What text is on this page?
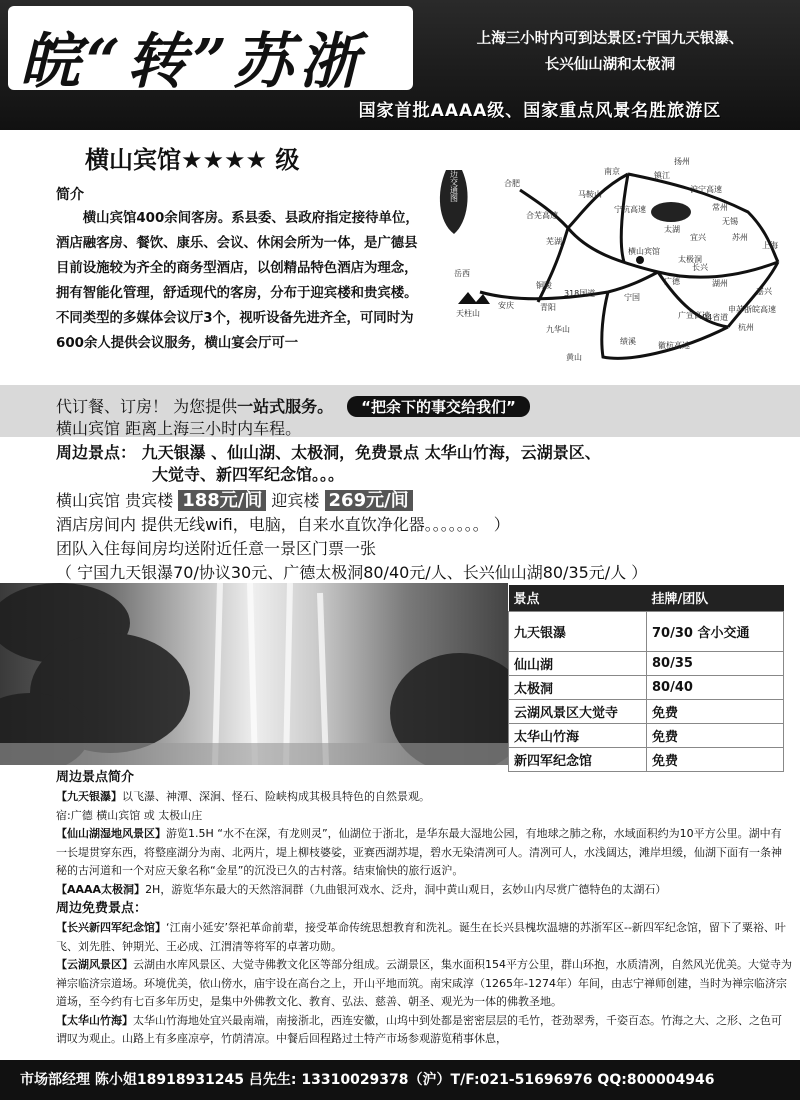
皖“转”苏浙	上海三小时内可到达景区:宁国九天银瀑、
长兴仙山湖和太极洞
国家首批AAAA级、国家重点风景名胜旅游区
横山宾馆★★★★ 级
简介
横山宾馆400余间客房。系县委、县政府指定接待单位，酒店融客房、餐饮、康乐、会议、休闲会所为一体，是广德县目前设施较为齐全的商务型酒店，以创精品特色酒店为理念，拥有智能化管理，舒适现代的客房，分布于迎宾楼和贵宾楼。不同类型的多媒体会议厅3个，视听设备先进齐全，可同时为600余人提供会议服务，横山宴会厅可一
周边交通图
扬州
南京	镇江
合肥
马鞍山
沪宁高速
宁杭高速
芜湖
合芜高速
太湖
无锡
常州
苏州
上海
宜兴
长兴
横山宾馆
宁国
广德	湖州
嘉兴
杭州
安庆
天柱山
铜陵
青阳
九华山
318国道
黄山
绩溪	徽杭高速
岳西
太极洞
广宣高速
申苏浙皖高速
04省道
代订餐、订房！ 为您提供一站式服务。 “把余下的事交给我们”
横山宾馆 距离上海三小时内车程。
周边景点： 九天银瀑 、仙山湖、太极洞，免费景点 太华山竹海，云湖景区、
大觉寺、新四军纪念馆。。。
横山宾馆 贵宾楼 188元/间 迎宾楼 269元/间
酒店房间内 提供无线wifi，电脑，自来水直饮净化器。。。。。。。 ）
团队入住每间房均送附近任意一景区门票一张
（ 宁国九天银瀑70/协议30元、广德太极洞80/40元/人、长兴仙山湖80/35元/人 ）
景点	挂牌/团队
九天银瀑	70/30 含小交通
仙山湖	80/35
太极洞	80/40
云湖风景区大觉寺	免费
太华山竹海	免费
新四军纪念馆	免费
周边景点简介
【九天银瀑】以飞瀑、神潭、深涧、怪石、险峡构成其极具特色的自然景观。
宿:广德 横山宾馆 或 太极山庄
【仙山湖湿地风景区】游览1.5H “水不在深，有龙则灵”，仙湖位于浙北，是华东最大湿地公园，有地球之肺之称，水域面积约为10平方公里。湖中有一长堤贯穿东西，将整座湖分为南、北两片，堤上柳枝婆娑，亚赛西湖苏堤，碧水无染清冽可人。清冽可人，水浅阔达，滩岸坦缓，仙湖下面有一条神秘的古河道和一个对应天象名称“金星”的沉没已久的古村落。结束愉快的旅行返沪。
【AAAA太极洞】2H，游览华东最大的天然溶洞群（九曲银河戏水、泛舟，洞中黄山观日，玄妙山内尽赏广德特色的太湖石）
周边免费景点：
【长兴新四军纪念馆】‘江南小延安’祭祀革命前辈，接受革命传统思想教育和洗礼。诞生在长兴县槐坎温塘的苏浙军区--新四军纪念馆，留下了粟裕、叶飞、刘先胜、钟期光、王必成、江渭清等将军的卓著功勋。
【云湖风景区】云湖由水库风景区、大觉寺佛教文化区等部分组成。云湖景区，集水面积154平方公里，群山环抱，水质清冽，自然风光优美。大觉寺为禅宗临济宗道场。环境优美，依山傍水，庙宇设在高台之上，开山平地而筑。南宋咸淳（1265年-1274年）年间，由志宁禅师创建，当时为禅宗临济宗道场，至今约有七百多年历史，是集中外佛教文化、教育、弘法、慈善、朝圣、观光为一体的佛教圣地。
【太华山竹海】太华山竹海地处宜兴最南端，南接浙北，西连安徽，山坞中到处都是密密层层的毛竹，苍劲翠秀，千姿百态。竹海之大、之形、之色可谓叹为观止。山路上有多座凉亭，竹荫清凉。中餐后回程路过土特产市场参观游览稍事休息，
市场部经理 陈小姐18918931245 吕先生: 13310029378（沪）T/F:021-51696976 QQ:800004946
